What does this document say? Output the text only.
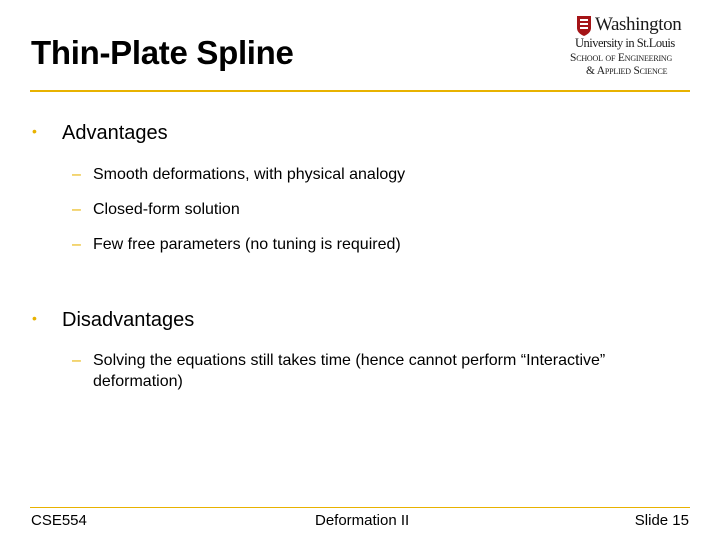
Thin-Plate Spline
Washington
University in St.Louis
School of Engineering
& Applied Science
•	Advantages
– Smooth deformations, with physical analogy
– Closed-form solution
– Few free parameters (no tuning is required)
•	Disadvantages
– Solving the equations still takes time (hence cannot perform “Interactive” deformation)
CSE554	Deformation II	Slide 15
